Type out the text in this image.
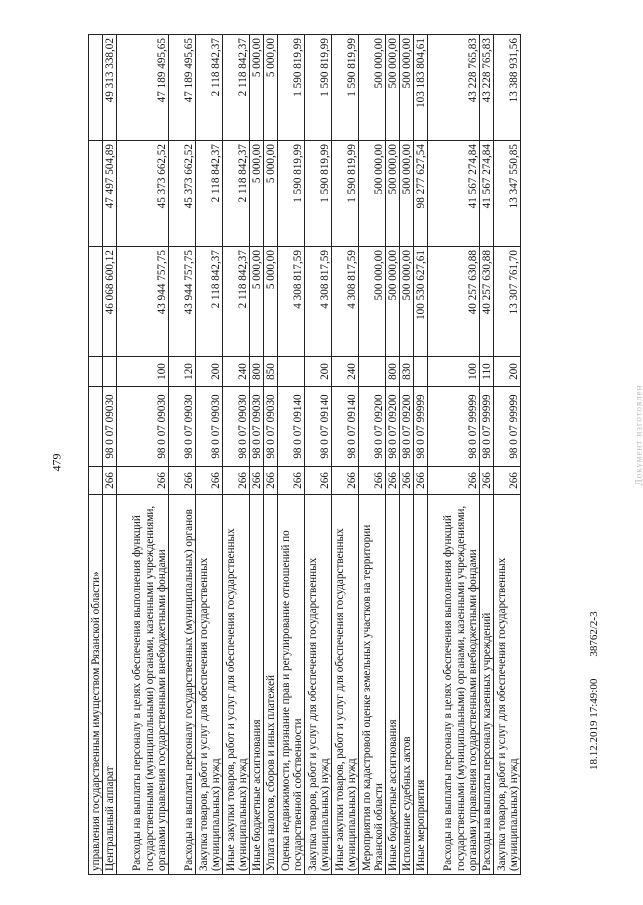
479
управления государственным имуществом Рязанской области»						
Центральный аппарат	266	98 0 07 09030		46 068 600,12	47 497 504,89	49 313 338,02
Расходы на выплаты персоналу в целях обеспечения выполнения функций государственными (муниципальными) органами, казенными учреждениями, органами управления государственными внебюджетными фондами	266	98 0 07 09030	100	43 944 757,75	45 373 662,52	47 189 495,65
Расходы на выплаты персоналу государственных (муниципальных) органов	266	98 0 07 09030	120	43 944 757,75	45 373 662,52	47 189 495,65
Закупка товаров, работ и услуг для обеспечения государственных (муниципальных) нужд	266	98 0 07 09030	200	2 118 842,37	2 118 842,37	2 118 842,37
Иные закупки товаров, работ и услуг для обеспечения государственных (муниципальных) нужд	266	98 0 07 09030	240	2 118 842,37	2 118 842,37	2 118 842,37
Иные бюджетные ассигнования	266	98 0 07 09030	800	5 000,00	5 000,00	5 000,00
Уплата налогов, сборов и иных платежей	266	98 0 07 09030	850	5 000,00	5 000,00	5 000,00
Оценка недвижимости, признание прав и регулирование отношений по государственной собственности	266	98 0 07 09140		4 308 817,59	1 590 819,99	1 590 819,99
Закупка товаров, работ и услуг для обеспечения государственных (муниципальных) нужд	266	98 0 07 09140	200	4 308 817,59	1 590 819,99	1 590 819,99
Иные закупки товаров, работ и услуг для обеспечения государственных (муниципальных) нужд	266	98 0 07 09140	240	4 308 817,59	1 590 819,99	1 590 819,99
Мероприятия по кадастровой оценке земельных участков на территории Рязанской области	266	98 0 07 09200		500 000,00	500 000,00	500 000,00
Иные бюджетные ассигнования	266	98 0 07 09200	800	500 000,00	500 000,00	500 000,00
Исполнение судебных актов	266	98 0 07 09200	830	500 000,00	500 000,00	500 000,00
Иные мероприятия	266	98 0 07 99999		100 530 627,61	98 277 627,54	103 183 804,61
Расходы на выплаты персоналу в целях обеспечения выполнения функций государственными (муниципальными) органами, казенными учреждениями, органами управления государственными внебюджетными фондами	266	98 0 07 99999	100	40 257 630,88	41 567 274,84	43 228 765,83
Расходы на выплаты персоналу казенных учреждений	266	98 0 07 99999	110	40 257 630,88	41 567 274,84	43 228 765,83
Закупка товаров, работ и услуг для обеспечения государственных (муниципальных) нужд	266	98 0 07 99999	200	13 307 761,70	13 347 550,85	13 388 931,56
18.12.2019 17:49:00        38762/2-3
Документ изготовлен
